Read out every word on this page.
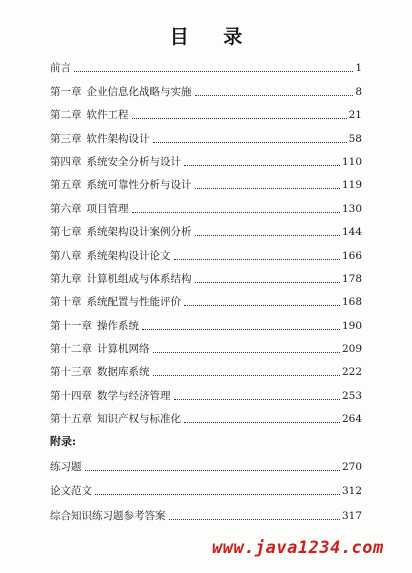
目 录
前言	1
第一章 企业信息化战略与实施	8
第二章 软件工程	21
第三章 软件架构设计	58
第四章 系统安全分析与设计	110
第五章 系统可靠性分析与设计	119
第六章 项目管理	130
第七章 系统架构设计案例分析	144
第八章 系统架构设计论文	166
第九章 计算机组成与体系结构	178
第十章 系统配置与性能评价	168
第十一章 操作系统	190
第十二章 计算机网络	209
第十三章 数据库系统	222
第十四章 数学与经济管理	253
第十五章 知识产权与标准化	264
附录:
练习题	270
论文范文	312
综合知识练习题参考答案	317
www.java1234.com
